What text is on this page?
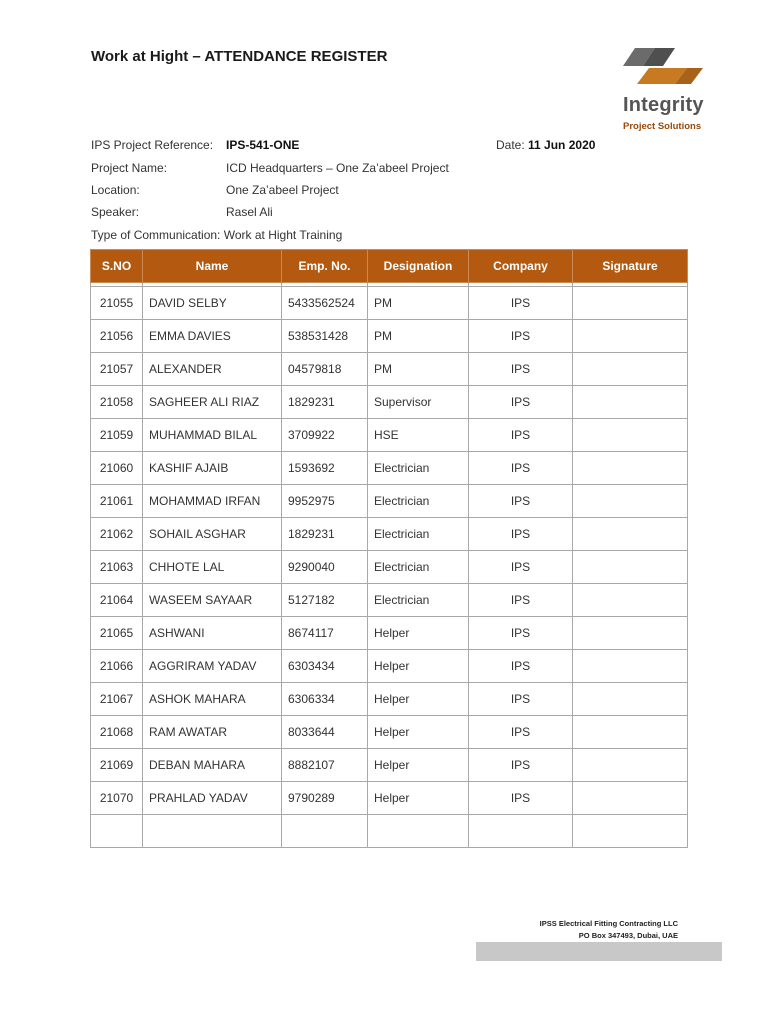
Work at Hight – ATTENDANCE REGISTER
Integrity
Project Solutions
IPS Project Reference: IPS-541-ONE	Date: 11 Jun 2020
Project Name:	ICD Headquarters – One Za’abeel Project
Location:	One Za’abeel Project
Speaker:	Rasel Ali
Type of Communication: Work at Hight Training
S.NO	Name	Emp. No.	Designation	Company	Signature

21055	DAVID SELBY	5433562524	PM	IPS	
21056	EMMA DAVIES	538531428	PM	IPS	
21057	ALEXANDER	04579818	PM	IPS	
21058	SAGHEER ALI RIAZ	1829231	Supervisor	IPS	
21059	MUHAMMAD BILAL	3709922	HSE	IPS	
21060	KASHIF AJAIB	1593692	Electrician	IPS	
21061	MOHAMMAD IRFAN	9952975	Electrician	IPS	
21062	SOHAIL ASGHAR	1829231	Electrician	IPS	
21063	CHHOTE LAL	9290040	Electrician	IPS	
21064	WASEEM SAYAAR	5127182	Electrician	IPS	
21065	ASHWANI	8674117	Helper	IPS	
21066	AGGRIRAM YADAV	6303434	Helper	IPS	
21067	ASHOK MAHARA	6306334	Helper	IPS	
21068	RAM AWATAR	8033644	Helper	IPS	
21069	DEBAN MAHARA	8882107	Helper	IPS	
21070	PRAHLAD YADAV	9790289	Helper	IPS	

IPSS Electrical Fitting Contracting LLC
PO Box 347493, Dubai, UAE
